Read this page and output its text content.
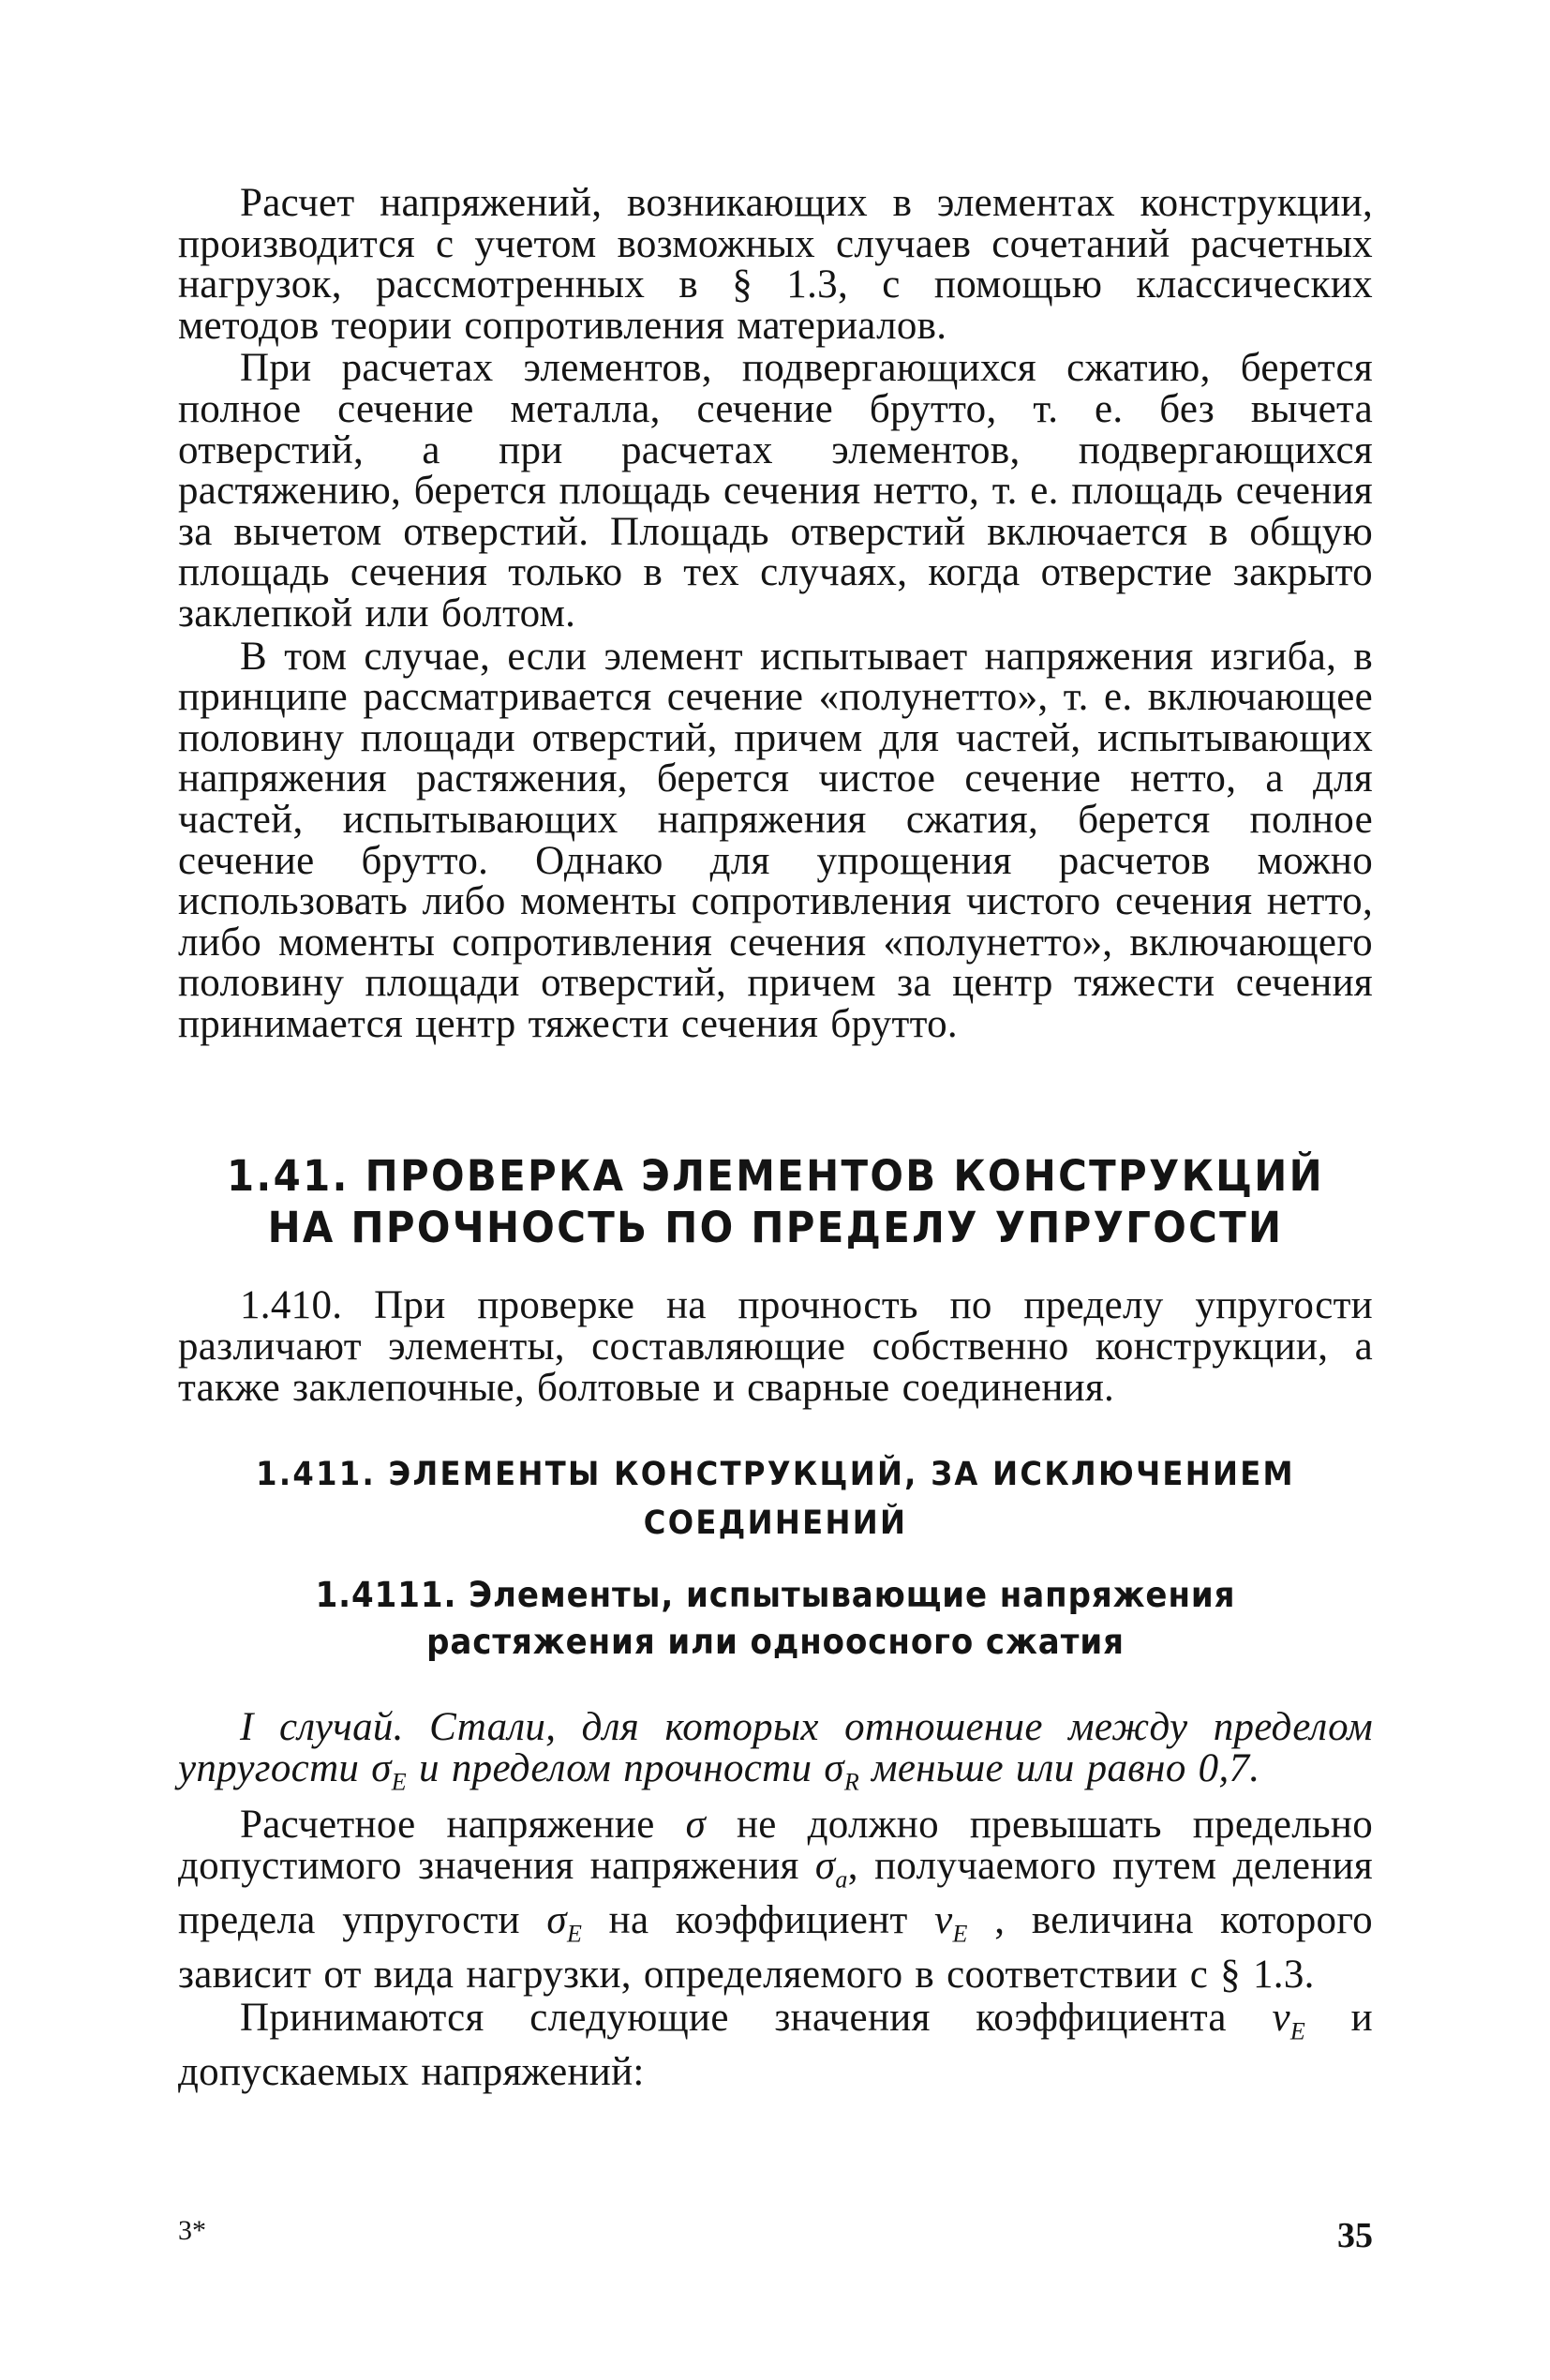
Расчет напряжений, возникающих в элементах конструкции, производится с учетом возможных случаев сочетаний расчетных нагрузок, рассмотренных в § 1.3, с помощью классических методов теории сопротивления материалов.

При расчетах элементов, подвергающихся сжатию, берется полное сечение металла, сечение брутто, т. е. без вычета отверстий, а при расчетах элементов, подвергающихся растяжению, берется площадь сечения нетто, т. е. площадь сечения за вычетом отверстий. Площадь отверстий включается в общую площадь сечения только в тех случаях, когда отверстие закрыто заклепкой или болтом.

В том случае, если элемент испытывает напряжения изгиба, в принципе рассматривается сечение «полунетто», т. е. включающее половину площади отверстий, причем для частей, испытывающих напряжения растяжения, берется чистое сечение нетто, а для частей, испытывающих напряжения сжатия, берется полное сечение брутто. Однако для упрощения расчетов можно использовать либо моменты сопротивления чистого сечения нетто, либо моменты сопротивления сечения «полунетто», включающего половину площади отверстий, причем за центр тяжести сечения принимается центр тяжести сечения брутто.

1.41. ПРОВЕРКА ЭЛЕМЕНТОВ КОНСТРУКЦИЙ

НА ПРОЧНОСТЬ ПО ПРЕДЕЛУ УПРУГОСТИ

1.410. При проверке на прочность по пределу упругости различают элементы, составляющие собственно конструкции, а также заклепочные, болтовые и сварные соединения.

1.411. ЭЛЕМЕНТЫ КОНСТРУКЦИЙ, ЗА ИСКЛЮЧЕНИЕМ

СОЕДИНЕНИЙ

1.4111. Элементы, испытывающие напряжения

растяжения или одноосного сжатия

I случай. Стали, для которых отношение между пределом упругости $\sigma_E$ и пределом прочности $\sigma_R$ меньше или равно 0,7.

Расчетное напряжение σ не должно превышать предельно допустимого значения напряжения $\sigma_a$, получаемого путем деления предела упругости $\sigma_E$ на коэффициент $\nu_E$ , величина которого зависит от вида нагрузки, определяемого в соответствии с § 1.3.

Принимаются следующие значения коэффициента $\nu_E$ и допускаемых напряжений:

3*	35
